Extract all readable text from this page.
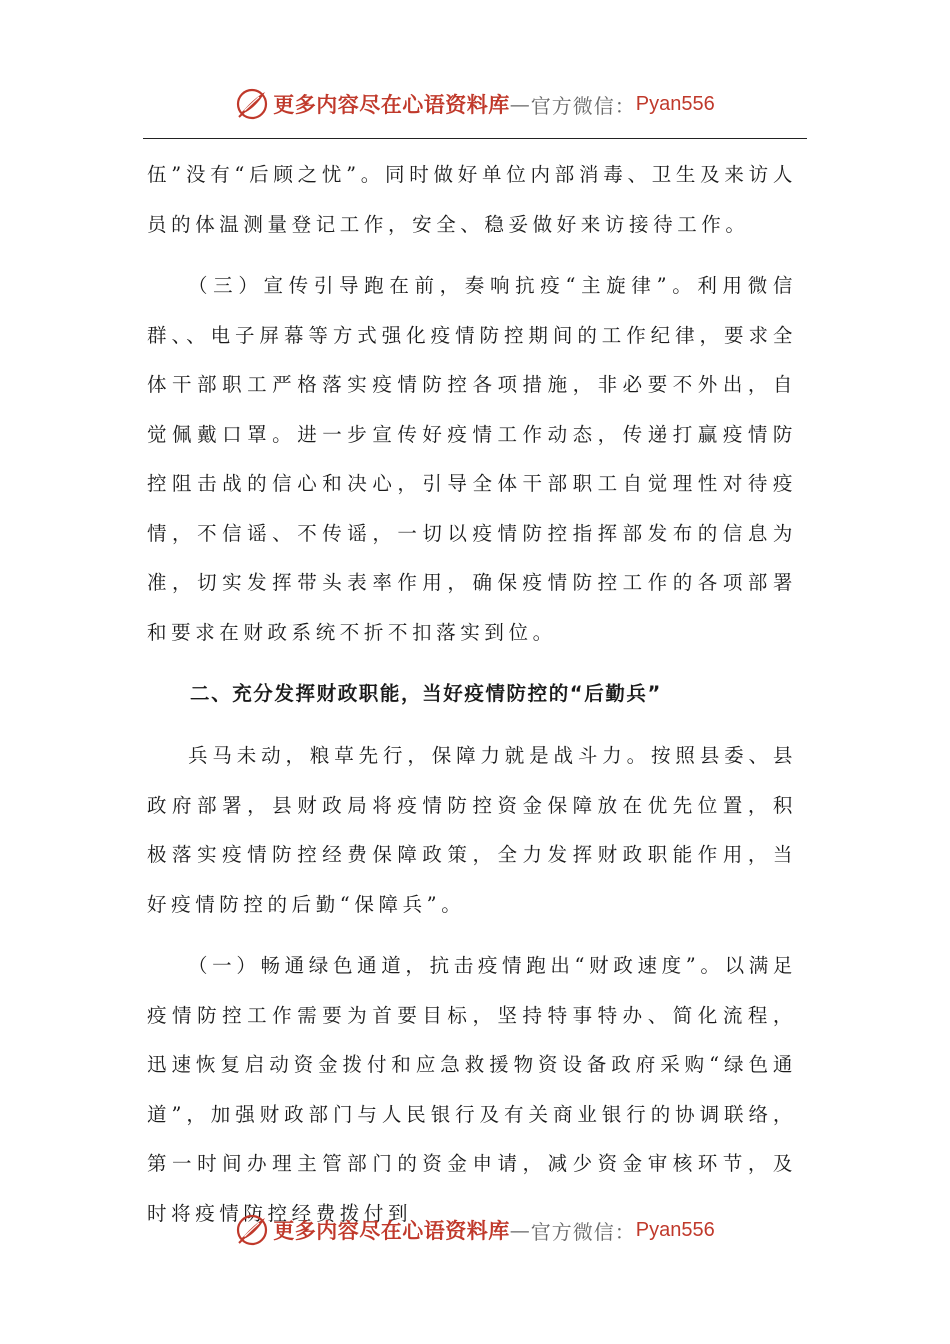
更多内容尽在心语资料库 — 官方微信： Pyan556

伍”没有“后顾之忧”。同时做好单位内部消毒、卫生及来访人员的体温测量登记工作，安全、稳妥做好来访接待工作。

（三）宣传引导跑在前，奏响抗疫“主旋律”。利用微信群、、电子屏幕等方式强化疫情防控期间的工作纪律，要求全体干部职工严格落实疫情防控各项措施，非必要不外出，自觉佩戴口罩。进一步宣传好疫情工作动态，传递打赢疫情防控阻击战的信心和决心，引导全体干部职工自觉理性对待疫情，不信谣、不传谣，一切以疫情防控指挥部发布的信息为准，切实发挥带头表率作用，确保疫情防控工作的各项部署和要求在财政系统不折不扣落实到位。

二、充分发挥财政职能，当好疫情防控的“后勤兵”

兵马未动，粮草先行，保障力就是战斗力。按照县委、县政府部署，县财政局将疫情防控资金保障放在优先位置，积极落实疫情防控经费保障政策，全力发挥财政职能作用，当好疫情防控的后勤“保障兵”。

（一）畅通绿色通道，抗击疫情跑出“财政速度”。以满足疫情防控工作需要为首要目标，坚持特事特办、简化流程，迅速恢复启动资金拨付和应急救援物资设备政府采购“绿色通道”，加强财政部门与人民银行及有关商业银行的协调联络，第一时间办理主管部门的资金申请，减少资金审核环节，及时将疫情防控经费拨付到

更多内容尽在心语资料库 — 官方微信： Pyan556
